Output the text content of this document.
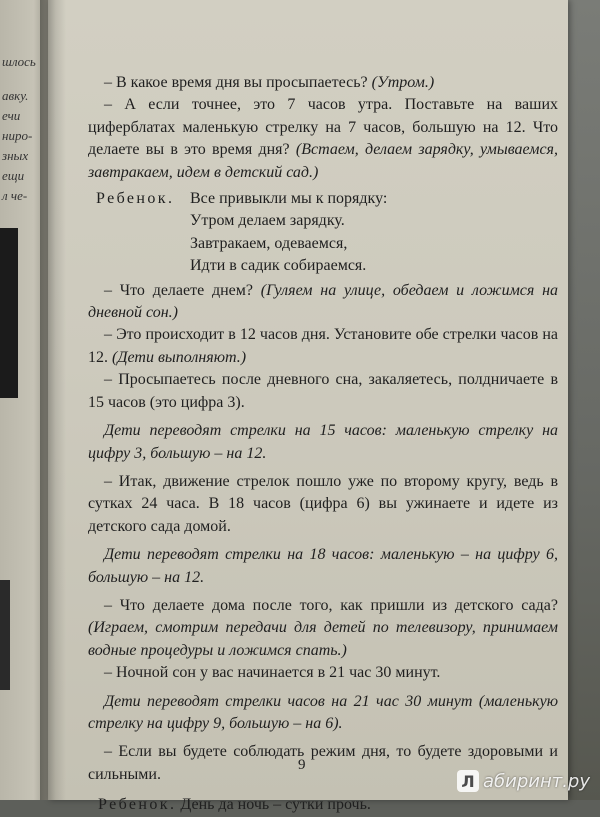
шлось
авку.
ечи
ниро-
зных
ещи
л че-

– В какое время дня вы просыпаетесь? (Утром.)

– А если точнее, это 7 часов утра. Поставьте на ваших циферблатах маленькую стрелку на 7 часов, большую на 12. Что делаете вы в это время дня? (Встаем, делаем зарядку, умываемся, завтракаем, идем в детский сад.)

Ребенок. Все привыкли мы к порядку:
Утром делаем зарядку.
Завтракаем, одеваемся,
Идти в садик собираемся.

– Что делаете днем? (Гуляем на улице, обедаем и ложимся на дневной сон.)

– Это происходит в 12 часов дня. Установите обе стрелки часов на 12. (Дети выполняют.)

– Просыпаетесь после дневного сна, закаляетесь, полдничаете в 15 часов (это цифра 3).

Дети переводят стрелки на 15 часов: маленькую стрелку на цифру 3, большую – на 12.

– Итак, движение стрелок пошло уже по второму кругу, ведь в сутках 24 часа. В 18 часов (цифра 6) вы ужинаете и идете из детского сада домой.

Дети переводят стрелки на 18 часов: маленькую – на цифру 6, большую – на 12.

– Что делаете дома после того, как пришли из детского сада? (Играем, смотрим передачи для детей по телевизору, принимаем водные процедуры и ложимся спать.)

– Ночной сон у вас начинается в 21 час 30 минут.

Дети переводят стрелки часов на 21 час 30 минут (маленькую стрелку на цифру 9, большую – на 6).

– Если вы будете соблюдать режим дня, то будете здоровыми и сильными.

Ребенок. День да ночь – сутки прочь.

9
Л абиринт.ру
